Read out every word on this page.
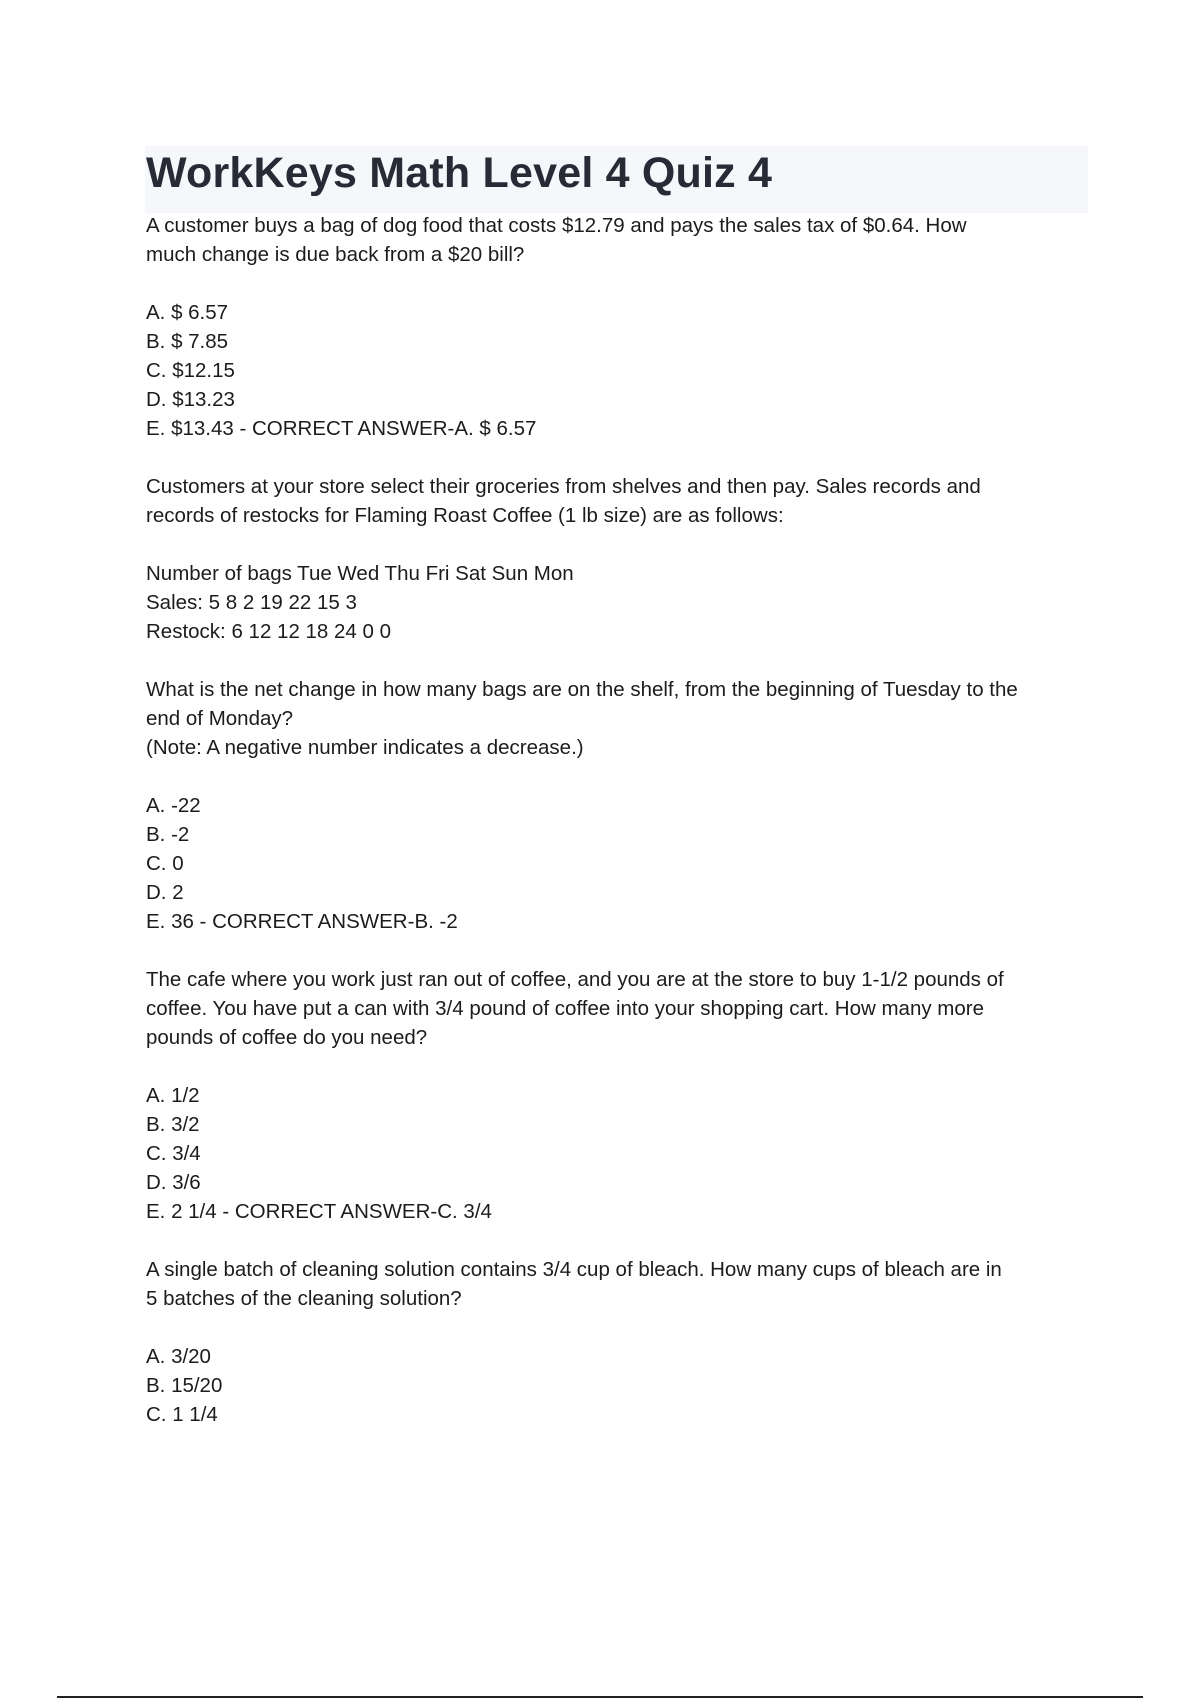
WorkKeys Math Level 4 Quiz 4
A customer buys a bag of dog food that costs $12.79 and pays the sales tax of $0.64. How
much change is due back from a $20 bill?
A. $ 6.57
B. $ 7.85
C. $12.15
D. $13.23
E. $13.43 - CORRECT ANSWER-A. $ 6.57
Customers at your store select their groceries from shelves and then pay. Sales records and
records of restocks for Flaming Roast Coffee (1 lb size) are as follows:
Number of bags Tue Wed Thu Fri Sat Sun Mon
Sales: 5 8 2 19 22 15 3
Restock: 6 12 12 18 24 0 0
What is the net change in how many bags are on the shelf, from the beginning of Tuesday to the
end of Monday?
(Note: A negative number indicates a decrease.)
A. -22
B. -2
C. 0
D. 2
E. 36 - CORRECT ANSWER-B. -2
The cafe where you work just ran out of coffee, and you are at the store to buy 1-1/2 pounds of
coffee. You have put a can with 3/4 pound of coffee into your shopping cart. How many more
pounds of coffee do you need?
A. 1/2
B. 3/2
C. 3/4
D. 3/6
E. 2 1/4 - CORRECT ANSWER-C. 3/4
A single batch of cleaning solution contains 3/4 cup of bleach. How many cups of bleach are in
5 batches of the cleaning solution?
A. 3/20
B. 15/20
C. 1 1/4
